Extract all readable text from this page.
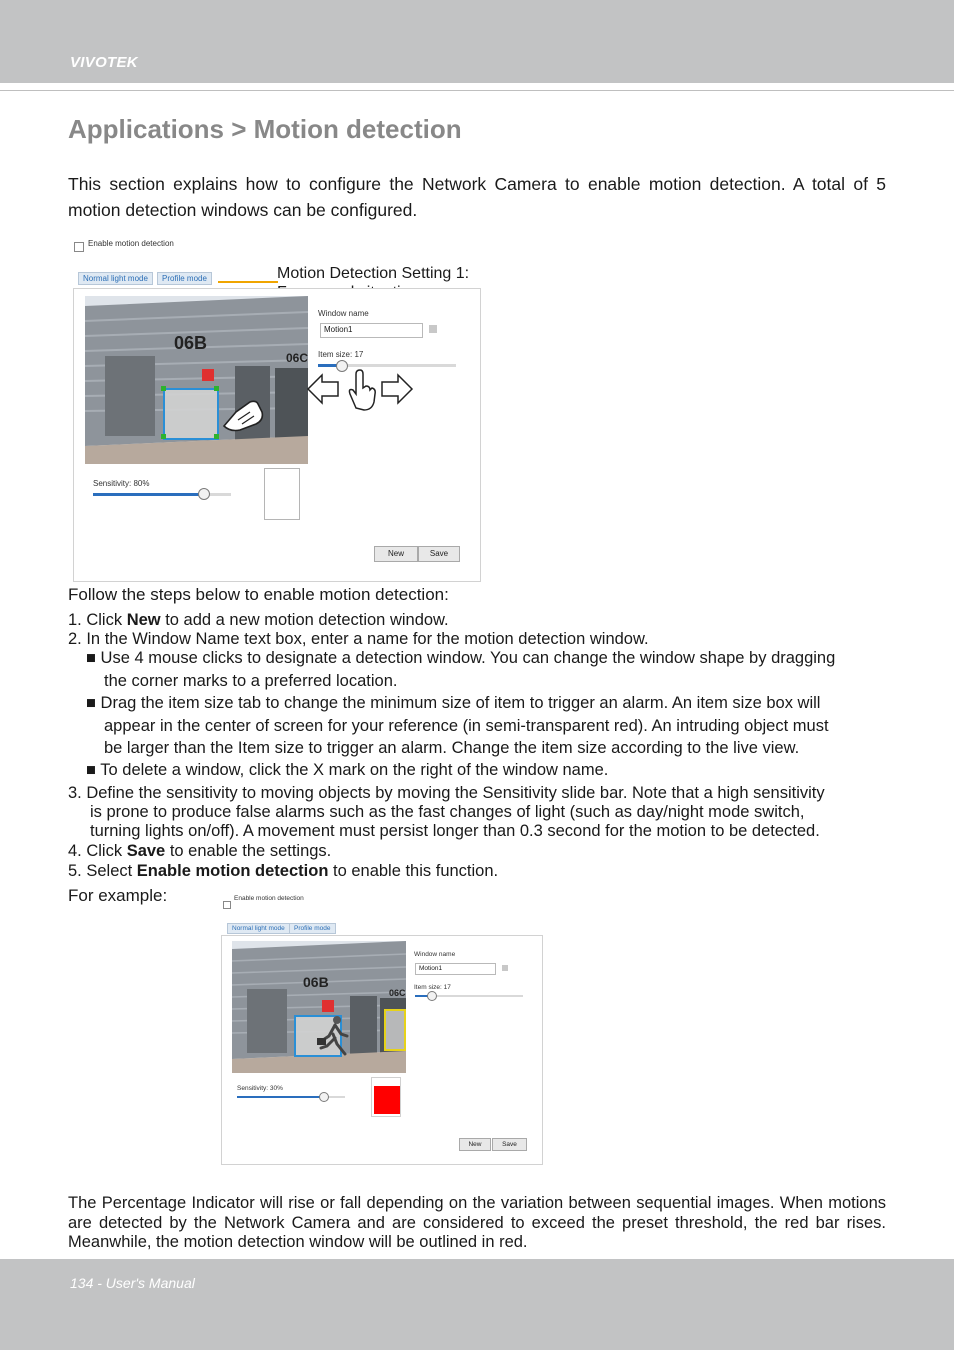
VIVOTEK
Applications > Motion detection
This section explains how to configure the Network Camera to enable motion detection. A total of 5 motion detection windows can be configured.
Enable motion detection
Normal light mode	Profile mode	Motion Detection Setting 1:
06B
06C
Window name
Motion1
Item size: 17
Sensitivity: 80%
New	Save
Follow the steps below to enable motion detection:
1. Click New to add a new motion detection window.
2. In the Window Name text box, enter a name for the motion detection window.
■ Use 4 mouse clicks to designate a detection window. You can change the window shape by dragging
the corner marks to a preferred location.
■ Drag the item size tab to change the minimum size of item to trigger an alarm. An item size box will
appear in the center of screen for your reference (in semi-transparent red). An intruding object must
be larger than the Item size to trigger an alarm. Change the item size according to the live view.
■ To delete a window, click the X mark on the right of the window name.
3. Define the sensitivity to moving objects by moving the Sensitivity slide bar. Note that a high sensitivity
is prone to produce false alarms such as the fast changes of light (such as day/night mode switch,
turning lights on/off). A movement must persist longer than 0.3 second for the motion to be detected.
4. Click Save to enable the settings.
5. Select Enable motion detection to enable this function.
For example:	Enable motion detection
Normal light mode	Profile mode
06B
06C
Window name
Motion1
Item size: 17
Sensitivity: 30%
New	Save
The Percentage Indicator will rise or fall depending on the variation between sequential images. When motions are detected by the Network Camera and are considered to exceed the preset threshold, the red bar rises. Meanwhile, the motion detection window will be outlined in red.
134 - User's Manual
